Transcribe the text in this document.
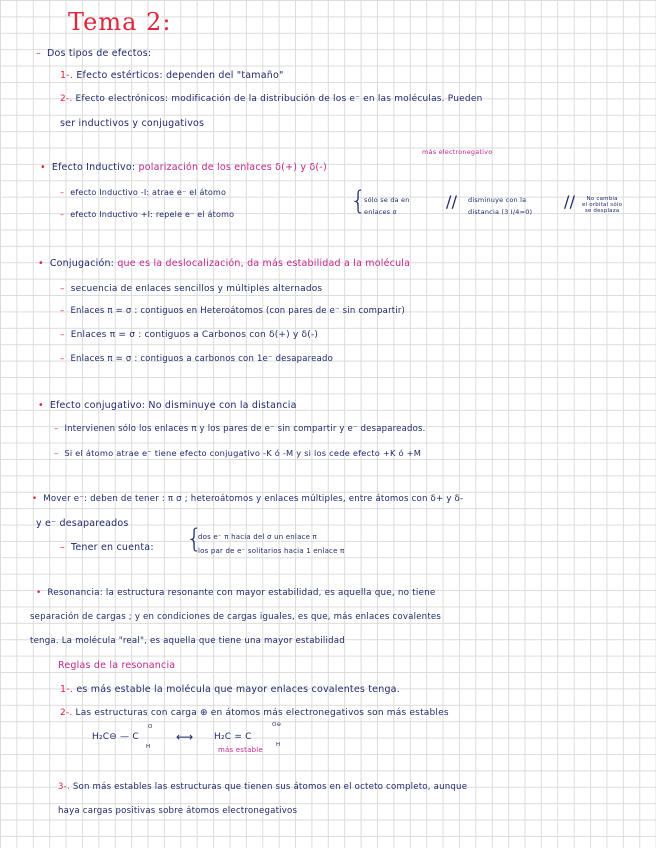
Tema 2:
– Dos tipos de efectos:
1-. Efecto estérticos: dependen del "tamaño"
2-. Efecto electrónicos: modificación de la distribución de los e⁻ en las moléculas. Pueden
ser inductivos y conjugativos
más electronegativo
• Efecto Inductivo: polarización de los enlaces δ(+) y δ(-)
– efecto Inductivo -I: atrae e⁻ el átomo
– efecto Inductivo +I: repele e⁻ el átomo	{
sólo se da en
enlaces σ
// disminuye con la
distancia (3 I/4=0)
//	No cambia
el orbital sólo
se desplaza
• Conjugación: que es la deslocalización, da más estabilidad a la molécula
– secuencia de enlaces sencillos y múltiples alternados
– Enlaces π = σ : contiguos en Heteroátomos (con pares de e⁻ sin compartir)
– Enlaces π = σ : contiguos a Carbonos con δ(+) y δ(-)
– Enlaces π = σ : contiguos a carbonos con 1e⁻ desapareado
• Efecto conjugativo: No disminuye con la distancia
– Intervienen sólo los enlaces π y los pares de e⁻ sin compartir y e⁻ desapareados.
– Si el átomo atrae e⁻ tiene efecto conjugativo -K ó -M y si los cede efecto +K ó +M
• Mover e⁻: deben de tener : π σ ; heteroátomos y enlaces múltiples, entre átomos con δ+ y δ-
y e⁻ desapareados
– Tener en cuenta: {
dos e⁻ π hacia del σ un enlace π
los par de e⁻ solitarios hacia 1 enlace π
• Resonancia: la estructura resonante con mayor estabilidad, es aquella que, no tiene
separación de cargas ; y en condiciones de cargas iguales, es que, más enlaces covalentes
tenga. La molécula "real", es aquella que tiene una mayor estabilidad
Reglas de la resonancia
1-. es más estable la molécula que mayor enlaces covalentes tenga.
2-. Las estructuras con carga ⊕ en átomos más electronegativos son más estables
H₂C⊖ — C
O
H
⟷ H₂C = C
O⊖
H
más estable
3-. Son más estables las estructuras que tienen sus átomos en el octeto completo, aunque
haya cargas positivas sobre átomos electronegativos
